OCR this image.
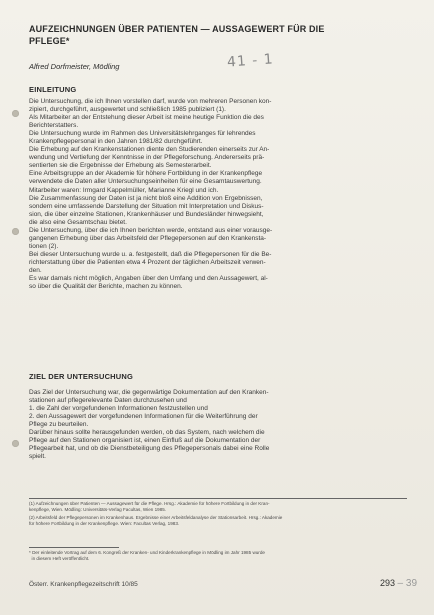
AUFZEICHNUNGEN ÜBER PATIENTEN — AUSSAGEWERT FÜR DIE
PFLEGE*
Alfred Dorfmeister, Mödling	41 - 1
EINLEITUNG
Die Untersuchung, die ich Ihnen vorstellen darf, wurde von mehreren Personen kon-
zipiert, durchgeführt, ausgewertet und schließlich 1985 publiziert (1).
Als Mitarbeiter an der Entstehung dieser Arbeit ist meine heutige Funktion die des
Berichterstatters.
Die Untersuchung wurde im Rahmen des Universitätslehrganges für lehrendes
Krankenpflegepersonal in den Jahren 1981/82 durchgeführt.
Die Erhebung auf den Krankenstationen diente den Studierenden einerseits zur An-
wendung und Vertiefung der Kenntnisse in der Pflegeforschung. Andererseits prä-
sentierten sie die Ergebnisse der Erhebung als Semesterarbeit.
Eine Arbeitsgruppe an der Akademie für höhere Fortbildung in der Krankenpflege
verwendete die Daten aller Untersuchungseinheiten für eine Gesamtauswertung.
Mitarbeiter waren: Irmgard Kappelmüller, Marianne Kriegl und ich.
Die Zusammenfassung der Daten ist ja nicht bloß eine Addition von Ergebnissen,
sondern eine umfassende Darstellung der Situation mit Interpretation und Diskus-
sion, die über einzelne Stationen, Krankenhäuser und Bundesländer hinwegsieht,
die also eine Gesamtschau bietet.
Die Untersuchung, über die ich Ihnen berichten werde, entstand aus einer vorausge-
gangenen Erhebung über das Arbeitsfeld der Pflegepersonen auf den Krankensta-
tionen (2).
Bei dieser Untersuchung wurde u. a. festgestellt, daß die Pflegepersonen für die Be-
richterstattung über die Patienten etwa 4 Prozent der täglichen Arbeitszeit verwen-
den.
Es war damals nicht möglich, Angaben über den Umfang und den Aussagewert, al-
so über die Qualität der Berichte, machen zu können.
ZIEL DER UNTERSUCHUNG
Das Ziel der Untersuchung war, die gegenwärtige Dokumentation auf den Kranken-
stationen auf pflegerelevante Daten durchzusehen und
1. die Zahl der vorgefundenen Informationen festzustellen und
2. den Aussagewert der vorgefundenen Informationen für die Weiterführung der
Pflege zu beurteilen.
Darüber hinaus sollte herausgefunden werden, ob das System, nach welchem die
Pflege auf den Stationen organisiert ist, einen Einfluß auf die Dokumentation der
Pflegearbeit hat, und ob die Dienstbeteiligung des Pflegepersonals dabei eine Rolle
spielt.
(1) Aufzeichnungen über Patienten — Aussagewert für die Pflege. Hrsg.: Akademie für höhere Fortbildung in der Kran-
kenpflege, Wien. Mödling: Universitäts-Verlag Facultas, Wien 1985.
(2) Arbeitsfeld der Pflegepersonen im Krankenhaus. Ergebnisse einer Arbeitsfeldanalyse der Stationsarbeit. Hrsg.: Akademie
für höhere Fortbildung in der Krankenpflege. Wien: Facultas Verlag, 1983.
* Der einleitende Vortrag auf dem 6. Kongreß der Kranken- und Kinderkrankenpflege in Mödling im Jahr 1985 wurde
in diesem Heft veröffentlicht.
Österr. Krankenpflegezeitschrift 10/85	293 – 39
